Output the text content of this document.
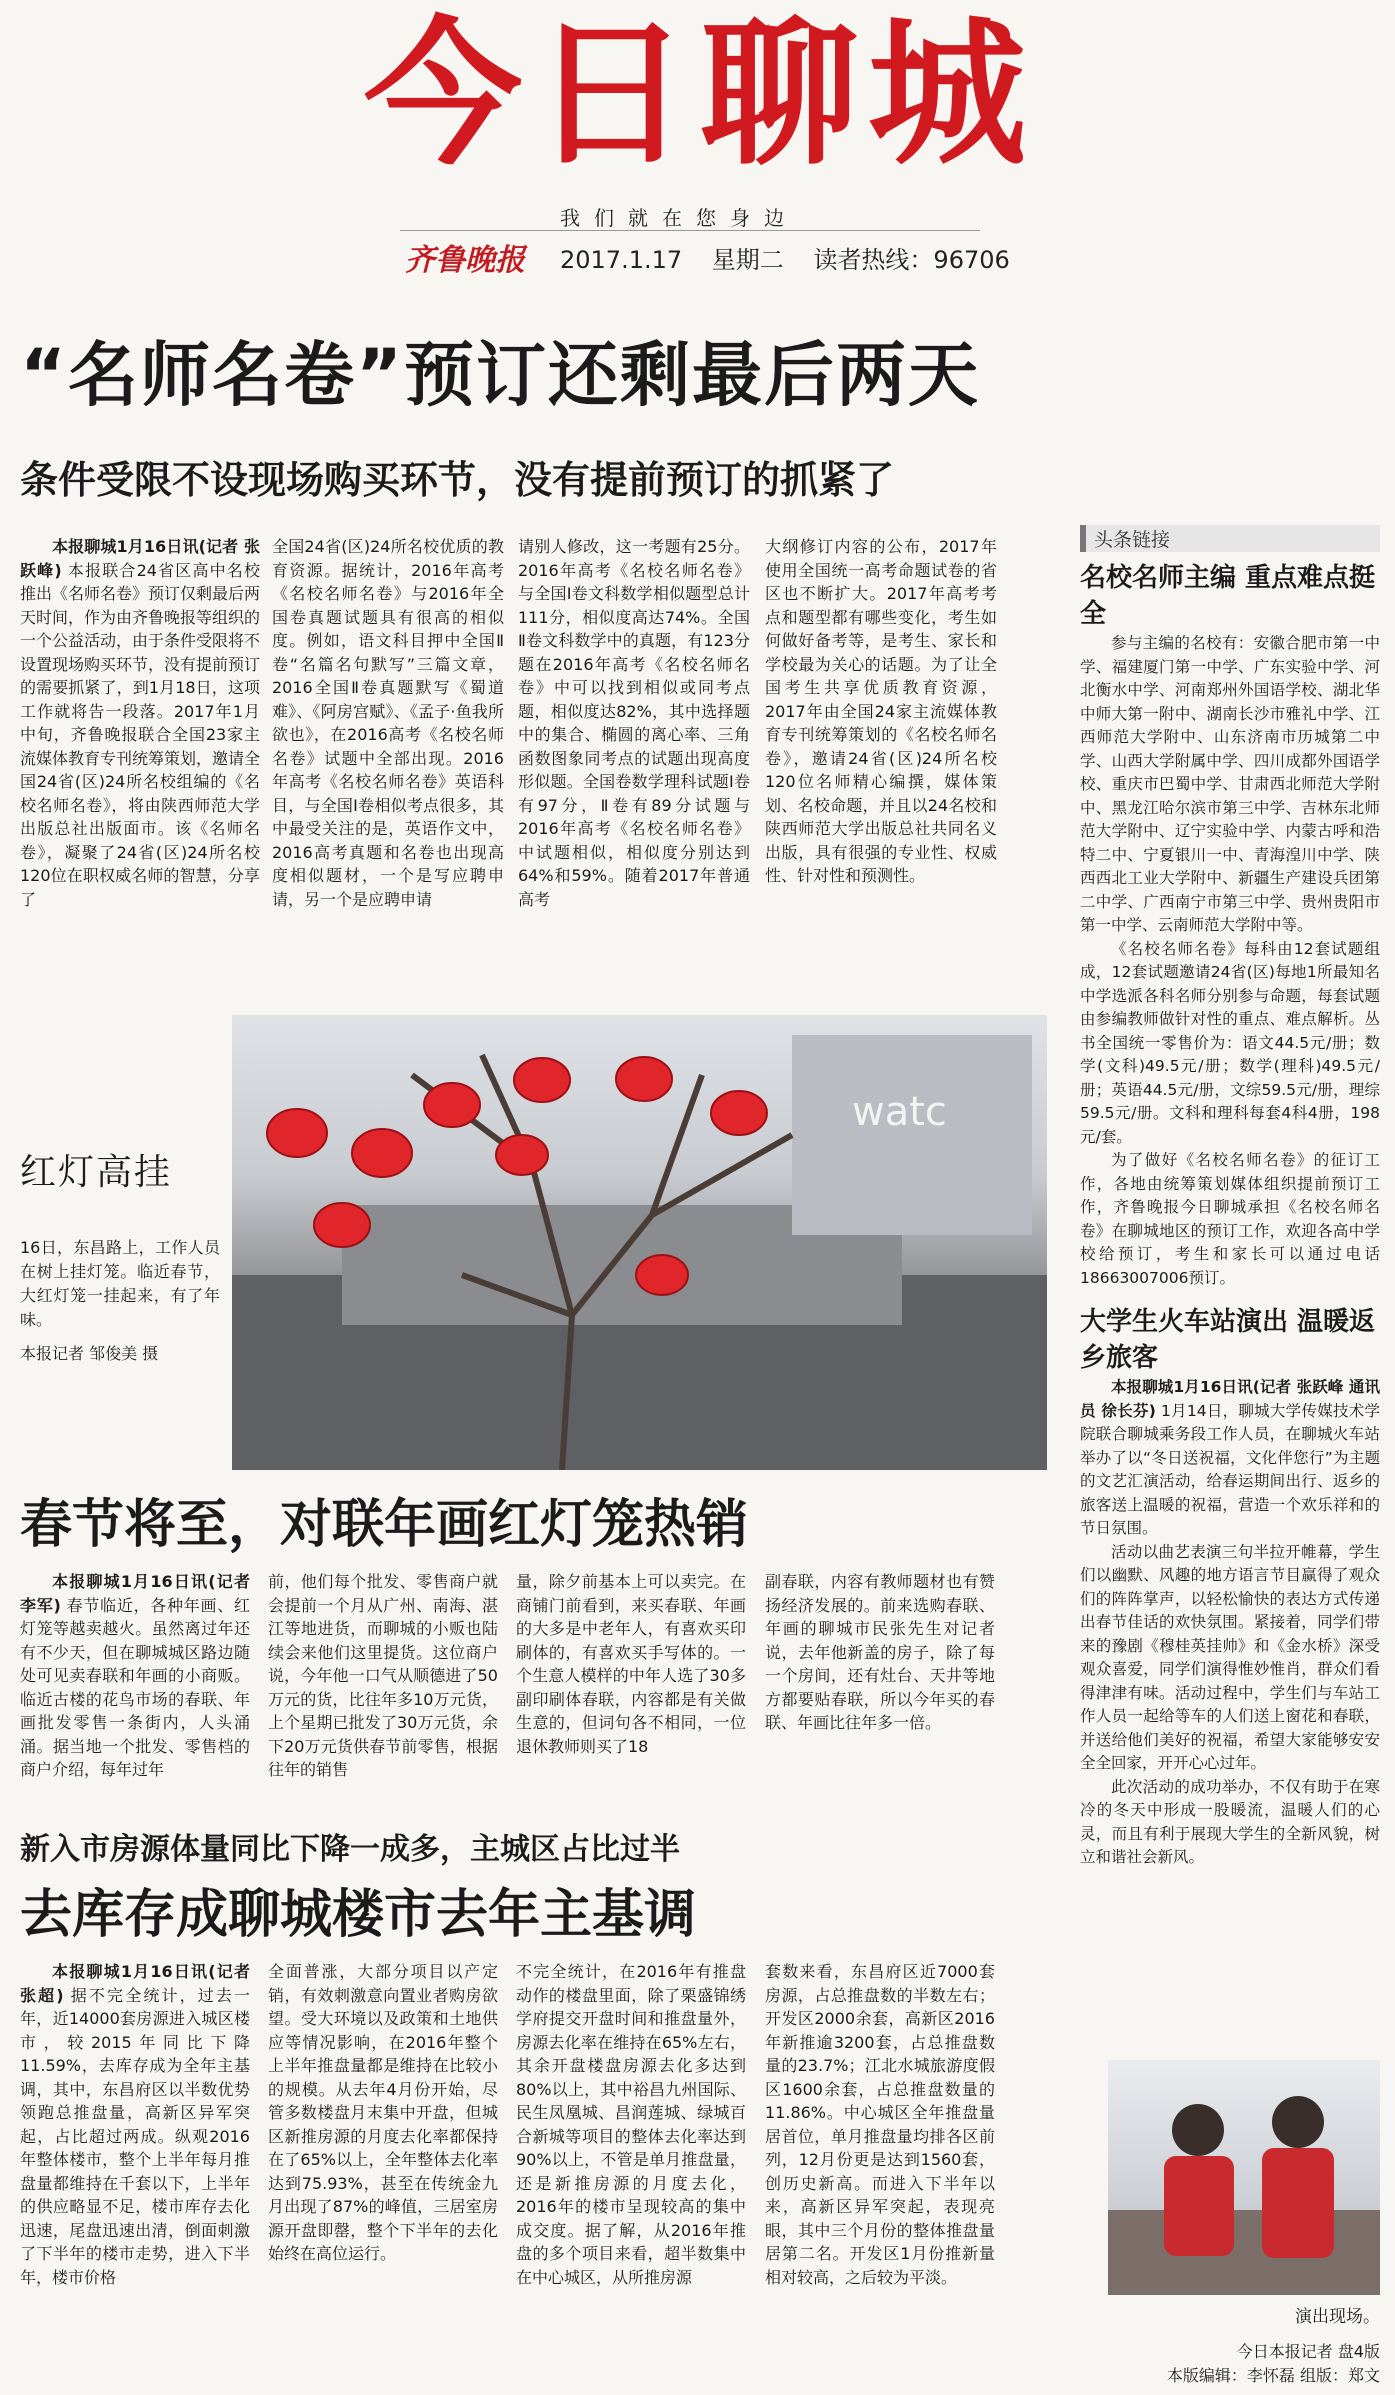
今日聊城
我们就在您身边
齐鲁晚报 2017.1.17 星期二 读者热线：96706
“名师名卷”预订还剩最后两天
条件受限不设现场购买环节，没有提前预订的抓紧了

本报聊城1月16日讯(记者 张跃峰) 本报联合24省区高中名校推出《名师名卷》预订仅剩最后两天时间，作为由齐鲁晚报等组织的一个公益活动，由于条件受限将不设置现场购买环节，没有提前预订的需要抓紧了，到1月18日，这项工作就将告一段落。2017年1月中旬，齐鲁晚报联合全国23家主流媒体教育专刊统筹策划，邀请全国24省(区)24所名校组编的《名校名师名卷》，将由陕西师范大学出版总社出版面市。该《名师名卷》，凝聚了24省(区)24所名校120位在职权威名师的智慧，分享了

全国24省(区)24所名校优质的教育资源。据统计，2016年高考《名校名师名卷》与2016年全国卷真题试题具有很高的相似度。例如，语文科目押中全国Ⅱ卷“名篇名句默写”三篇文章，2016全国Ⅱ卷真题默写《蜀道难》、《阿房宫赋》、《孟子·鱼我所欲也》，在2016高考《名校名师名卷》试题中全部出现。2016年高考《名校名师名卷》英语科目，与全国Ⅰ卷相似考点很多，其中最受关注的是，英语作文中，2016高考真题和名卷也出现高度相似题材，一个是写应聘申请，另一个是应聘申请

请别人修改，这一考题有25分。2016年高考《名校名师名卷》与全国Ⅰ卷文科数学相似题型总计111分，相似度高达74%。全国Ⅱ卷文科数学中的真题，有123分题在2016年高考《名校名师名卷》中可以找到相似或同考点题，相似度达82%，其中选择题中的集合、椭圆的离心率、三角函数图象同考点的试题出现高度形似题。全国卷数学理科试题Ⅰ卷有97分，Ⅱ卷有89分试题与2016年高考《名校名师名卷》中试题相似，相似度分别达到64%和59%。随着2017年普通高考

大纲修订内容的公布，2017年使用全国统一高考命题试卷的省区也不断扩大。2017年高考考点和题型都有哪些变化，考生如何做好备考等，是考生、家长和学校最为关心的话题。为了让全国考生共享优质教育资源，2017年由全国24家主流媒体教育专刊统筹策划的《名校名师名卷》，邀请24省(区)24所名校120位名师精心编撰，媒体策划、名校命题，并且以24名校和陕西师范大学出版总社共同名义出版，具有很强的专业性、权威性、针对性和预测性。

红灯高挂
16日，东昌路上，工作人员在树上挂灯笼。临近春节，大红灯笼一挂起来，有了年味。
本报记者 邹俊美 摄
watc
春节将至，对联年画红灯笼热销

本报聊城1月16日讯(记者 李军) 春节临近，各种年画、红灯笼等越卖越火。虽然离过年还有不少天，但在聊城城区路边随处可见卖春联和年画的小商贩。临近古楼的花鸟市场的春联、年画批发零售一条街内，人头涌涌。据当地一个批发、零售档的商户介绍，每年过年

前，他们每个批发、零售商户就会提前一个月从广州、南海、湛江等地进货，而聊城的小贩也陆续会来他们这里提货。这位商户说，今年他一口气从顺德进了50万元的货，比往年多10万元货，上个星期已批发了30万元货，余下20万元货供春节前零售，根据往年的销售

量，除夕前基本上可以卖完。在商铺门前看到，来买春联、年画的大多是中老年人，有喜欢买印刷体的，有喜欢买手写体的。一个生意人模样的中年人选了30多副印刷体春联，内容都是有关做生意的，但词句各不相同，一位退休教师则买了18

副春联，内容有教师题材也有赞扬经济发展的。前来选购春联、年画的聊城市民张先生对记者说，去年他新盖的房子，除了每一个房间，还有灶台、天井等地方都要贴春联，所以今年买的春联、年画比往年多一倍。

新入市房源体量同比下降一成多，主城区占比过半
去库存成聊城楼市去年主基调

本报聊城1月16日讯(记者 张超) 据不完全统计，过去一年，近14000套房源进入城区楼市，较2015年同比下降11.59%，去库存成为全年主基调，其中，东昌府区以半数优势领跑总推盘量，高新区异军突起，占比超过两成。纵观2016年整体楼市，整个上半年每月推盘量都维持在千套以下，上半年的供应略显不足，楼市库存去化迅速，尾盘迅速出清，倒面刺激了下半年的楼市走势，进入下半年，楼市价格

全面普涨，大部分项目以产定销，有效刺激意向置业者购房欲望。受大环境以及政策和土地供应等情况影响，在2016年整个上半年推盘量都是维持在比较小的规模。从去年4月份开始，尽管多数楼盘月末集中开盘，但城区新推房源的月度去化率都保持在了65%以上，全年整体去化率达到75.93%，甚至在传统金九月出现了87%的峰值，三居室房源开盘即罄，整个下半年的去化始终在高位运行。

不完全统计，在2016年有推盘动作的楼盘里面，除了栗盛锦绣学府提交开盘时间和推盘量外，房源去化率在维持在65%左右，其余开盘楼盘房源去化多达到80%以上，其中裕昌九州国际、民生凤凰城、昌润莲城、绿城百合新城等项目的整体去化率达到90%以上，不管是单月推盘量，还是新推房源的月度去化，2016年的楼市呈现较高的集中成交度。据了解，从2016年推盘的多个项目来看，超半数集中在中心城区，从所推房源

套数来看，东昌府区近7000套房源，占总推盘数的半数左右；开发区2000余套，高新区2016年新推逾3200套，占总推盘数量的23.7%；江北水城旅游度假区1600余套，占总推盘数量的11.86%。中心城区全年推盘量居首位，单月推盘量均排各区前列，12月份更是达到1560套，创历史新高。而进入下半年以来，高新区异军突起，表现亮眼，其中三个月份的整体推盘量居第二名。开发区1月份推新量相对较高，之后较为平淡。

头条链接
名校名师主编 重点难点挺全

参与主编的名校有：安徽合肥市第一中学、福建厦门第一中学、广东实验中学、河北衡水中学、河南郑州外国语学校、湖北华中师大第一附中、湖南长沙市雅礼中学、江西师范大学附中、山东济南市历城第二中学、山西大学附属中学、四川成都外国语学校、重庆市巴蜀中学、甘肃西北师范大学附中、黑龙江哈尔滨市第三中学、吉林东北师范大学附中、辽宁实验中学、内蒙古呼和浩特二中、宁夏银川一中、青海湟川中学、陕西西北工业大学附中、新疆生产建设兵团第二中学、广西南宁市第三中学、贵州贵阳市第一中学、云南师范大学附中等。

《名校名师名卷》每科由12套试题组成，12套试题邀请24省(区)每地1所最知名中学选派各科名师分别参与命题，每套试题由参编教师做针对性的重点、难点解析。丛书全国统一零售价为：语文44.5元/册；数学(文科)49.5元/册；数学(理科)49.5元/册；英语44.5元/册，文综59.5元/册，理综59.5元/册。文科和理科每套4科4册，198元/套。

为了做好《名校名师名卷》的征订工作，各地由统筹策划媒体组织提前预订工作，齐鲁晚报今日聊城承担《名校名师名卷》在聊城地区的预订工作，欢迎各高中学校给预订，考生和家长可以通过电话18663007006预订。

大学生火车站演出 温暖返乡旅客

本报聊城1月16日讯(记者 张跃峰 通讯员 徐长芬) 1月14日，聊城大学传媒技术学院联合聊城乘务段工作人员，在聊城火车站举办了以“冬日送祝福，文化伴您行”为主题的文艺汇演活动，给春运期间出行、返乡的旅客送上温暖的祝福，营造一个欢乐祥和的节日氛围。

活动以曲艺表演三句半拉开帷幕，学生们以幽默、风趣的地方语言节目赢得了观众们的阵阵掌声，以轻松愉快的表达方式传递出春节佳话的欢快氛围。紧接着，同学们带来的豫剧《穆桂英挂帅》和《金水桥》深受观众喜爱，同学们演得惟妙惟肖，群众们看得津津有味。活动过程中，学生们与车站工作人员一起给等车的人们送上窗花和春联，并送给他们美好的祝福，希望大家能够安安全全回家，开开心心过年。

此次活动的成功举办，不仅有助于在寒冷的冬天中形成一股暖流，温暖人们的心灵，而且有利于展现大学生的全新风貌，树立和谐社会新风。

演出现场。
今日本报记者 盘4版
本版编辑：李怀磊 组版：郑文
